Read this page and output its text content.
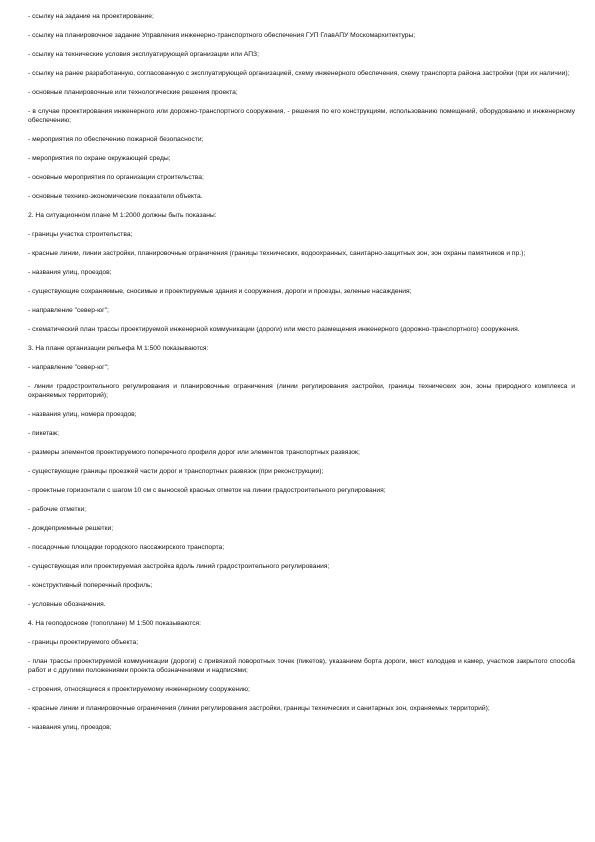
- ссылку на задание на проектирование;

- ссылку на планировочное задание Управления инженерно-транспортного обеспечения ГУП ГлавАПУ Москомархитектуры;

- ссылку на технические условия эксплуатирующей организации или АПЗ;

- ссылку на ранее разработанную, согласованную с эксплуатирующей организацией, схему инженерного обеспечения, схему транспорта района застройки (при их наличии);

- основные планировочные или технологические решения проекта;

- в случае проектирования инженерного или дорожно-транспортного сооружения, - решения по его конструкциям, использованию помещений, оборудованию и инженерному обеспечению;

- мероприятия по обеспечению пожарной безопасности;

- мероприятия по охране окружающей среды;

- основные мероприятия по организации строительства;

- основные технико-экономические показатели объекта.

2. На ситуационном плане М 1:2000 должны быть показаны:

- границы участка строительства;

- красные линии, линии застройки, планировочные ограничения (границы технических, водоохранных, санитарно-защитных зон, зон охраны памятников и пр.);

- названия улиц, проездов;

- существующие сохраняемые, сносимые и проектируемые здания и сооружения, дороги и проезды, зеленые насаждения;

- направление "север-юг";

- схематический план трассы проектируемой инженерной коммуникации (дороги) или место размещения инженерного (дорожно-транспортного) сооружения.

3. На плане организации рельефа М 1:500 показываются:

- направление "север-юг";

- линии градостроительного регулирования и планировочные ограничения (линии регулирования застройки, границы технических зон, зоны природного комплекса и охраняемых территорий);

- названия улиц, номера проездов;

- пикетаж;

- размеры элементов проектируемого поперечного профиля дорог или элементов транспортных развязок;

- существующие границы проезжей части дорог и транспортных развязок (при реконструкции);

- проектные горизонтали с шагом 10 см с выноской красных отметок на линии градостроительного регулирования;

- рабочие отметки;

- дождеприемные решетки;

- посадочные площадки городского пассажирского транспорта;

- существующая или проектируемая застройка вдоль линий градостроительного регулирования;

- конструктивный поперечный профиль;

- условные обозначения.

4. На геоподоснове (топоплане) М 1:500 показываются:

- границы проектируемого объекта;

- план трассы проектируемой коммуникации (дороги) с привязкой поворотных точек (пикетов), указанием борта дороги, мест колодцев и камер, участков закрытого способа работ и с другими положениями проекта обозначениями и надписями;

- строения, относящиеся к проектируемому инженерному сооружению;

- красные линии и планировочные ограничения (линии регулирования застройки, границы технических и санитарных зон, охраняемых территорий);

- названия улиц, проездов;
